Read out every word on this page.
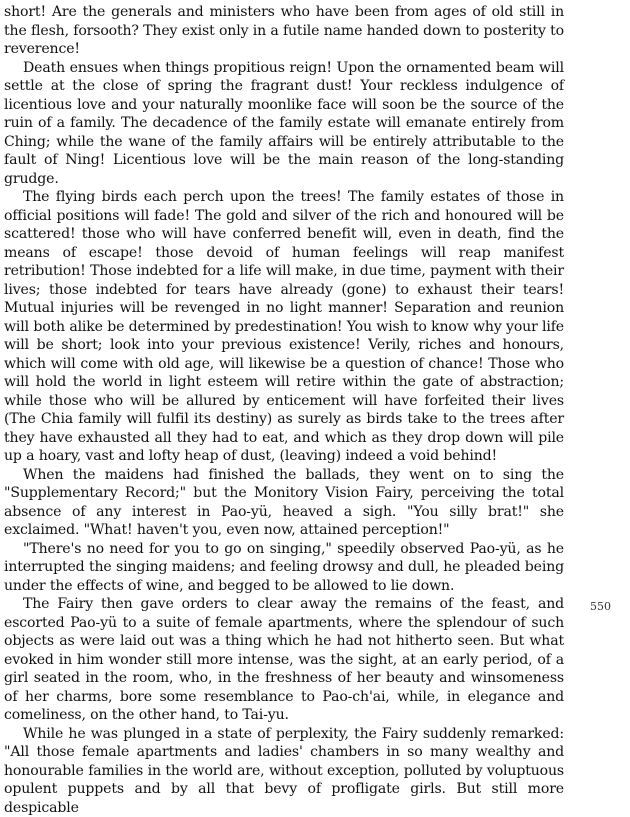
short! Are the generals and ministers who have been from ages of old still in the flesh, forsooth? They exist only in a futile name handed down to posterity to reverence!

Death ensues when things propitious reign! Upon the ornamented beam will settle at the close of spring the fragrant dust! Your reckless indulgence of licentious love and your naturally moonlike face will soon be the source of the ruin of a family. The decadence of the family estate will emanate entirely from Ching; while the wane of the family affairs will be entirely attributable to the fault of Ning! Licentious love will be the main reason of the long-standing grudge.

The flying birds each perch upon the trees! The family estates of those in official positions will fade! The gold and silver of the rich and honoured will be scattered! those who will have conferred benefit will, even in death, find the means of escape! those devoid of human feelings will reap manifest retribution! Those indebted for a life will make, in due time, payment with their lives; those indebted for tears have already (gone) to exhaust their tears! Mutual injuries will be revenged in no light manner! Separation and reunion will both alike be determined by predestination! You wish to know why your life will be short; look into your previous existence! Verily, riches and honours, which will come with old age, will likewise be a question of chance! Those who will hold the world in light esteem will retire within the gate of abstraction; while those who will be allured by enticement will have forfeited their lives (The Chia family will fulfil its destiny) as surely as birds take to the trees after they have exhausted all they had to eat, and which as they drop down will pile up a hoary, vast and lofty heap of dust, (leaving) indeed a void behind!

When the maidens had finished the ballads, they went on to sing the "Supplementary Record;" but the Monitory Vision Fairy, perceiving the total absence of any interest in Pao-yü, heaved a sigh. "You silly brat!" she exclaimed. "What! haven't you, even now, attained perception!"

"There's no need for you to go on singing," speedily observed Pao-yü, as he interrupted the singing maidens; and feeling drowsy and dull, he pleaded being under the effects of wine, and begged to be allowed to lie down.

The Fairy then gave orders to clear away the remains of the feast, and escorted Pao-yü to a suite of female apartments, where the splendour of such objects as were laid out was a thing which he had not hitherto seen. But what evoked in him wonder still more intense, was the sight, at an early period, of a girl seated in the room, who, in the freshness of her beauty and winsomeness of her charms, bore some resemblance to Pao-ch'ai, while, in elegance and comeliness, on the other hand, to Tai-yu.

While he was plunged in a state of perplexity, the Fairy suddenly remarked: "All those female apartments and ladies' chambers in so many wealthy and honourable families in the world are, without exception, polluted by voluptuous opulent puppets and by all that bevy of profligate girls. But still more despicable

550
